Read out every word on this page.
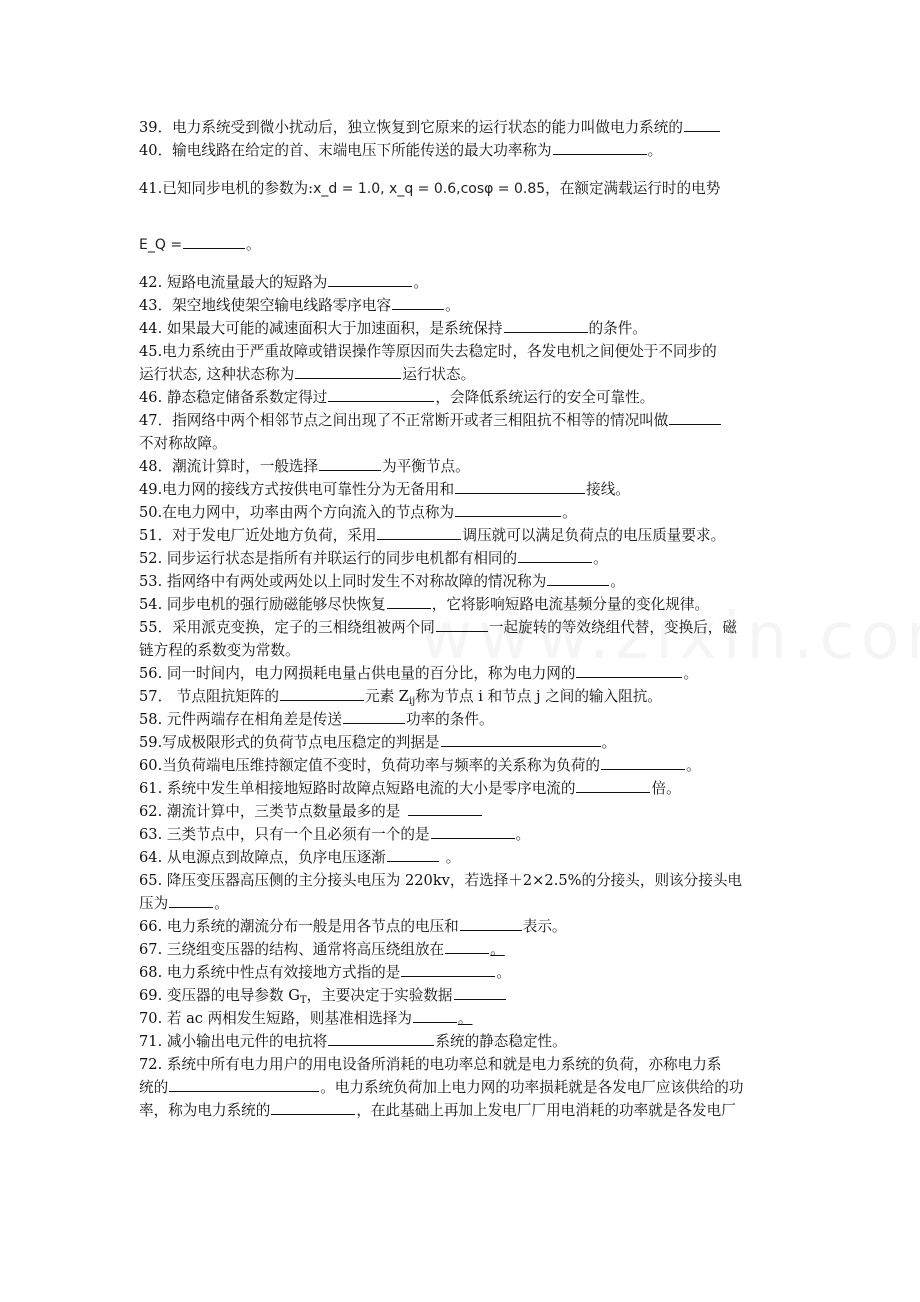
39．电力系统受到微小扰动后，独立恢复到它原来的运行状态的能力叫做电力系统的
40．输电线路在给定的首、末端电压下所能传送的最大功率称为	。
41.已知同步电机的参数为:x_d = 1.0, x_q = 0.6,cosφ = 0.85，在额定满载运行时的电势
E_Q =	。
42. 短路电流量最大的短路为	。
43．架空地线使架空输电线路零序电容	。
44. 如果最大可能的减速面积大于加速面积，是系统保持	的条件。
45.电力系统由于严重故障或错误操作等原因而失去稳定时，各发电机之间便处于不同步的
运行状态, 这种状态称为	运行状态。
46. 静态稳定储备系数定得过	，会降低系统运行的安全可靠性。
47．指网络中两个相邻节点之间出现了不正常断开或者三相阻抗不相等的情况叫做
不对称故障。
48．潮流计算时，一般选择	为平衡节点。
49.电力网的接线方式按供电可靠性分为无备用和	接线。
50.在电力网中，功率由两个方向流入的节点称为	。
51．对于发电厂近处地方负荷，采用	调压就可以满足负荷点的电压质量要求。
52. 同步运行状态是指所有并联运行的同步电机都有相同的	。
53. 指网络中有两处或两处以上同时发生不对称故障的情况称为	。
54. 同步电机的强行励磁能够尽快恢复	，它将影响短路电流基频分量的变化规律。
55．采用派克变换，定子的三相绕组被两个同	一起旋转的等效绕组代替，变换后，磁
链方程的系数变为常数。
56. 同一时间内，电力网损耗电量占供电量的百分比，称为电力网的	。
57． 节点阻抗矩阵的	元素 $Z_{ij}$称为节点 i 和节点 j 之间的输入阻抗。
58. 元件两端存在相角差是传送	功率的条件。
59.写成极限形式的负荷节点电压稳定的判据是	。
60.当负荷端电压维持额定值不变时，负荷功率与频率的关系称为负荷的	。
61. 系统中发生单相接地短路时故障点短路电流的大小是零序电流的	倍。
62. 潮流计算中，三类节点数量最多的是
63. 三类节点中，只有一个且必须有一个的是	。
64. 从电源点到故障点，负序电压逐渐	。
65. 降压变压器高压侧的主分接头电压为 220kv，若选择＋2×2.5%的分接头，则该分接头电
压为	。
66. 电力系统的潮流分布一般是用各节点的电压和	表示。
67. 三绕组变压器的结构、通常将高压绕组放在	。
68. 电力系统中性点有效接地方式指的是	。
69. 变压器的电导参数 $G_T$，主要决定于实验数据
70. 若 ac 两相发生短路，则基准相选择为	。
71. 减小输出电元件的电抗将	系统的静态稳定性。
72. 系统中所有电力用户的用电设备所消耗的电功率总和就是电力系统的负荷，亦称电力系
统的	。电力系统负荷加上电力网的功率损耗就是各发电厂应该供给的功
率，称为电力系统的	，在此基础上再加上发电厂厂用电消耗的功率就是各发电厂
